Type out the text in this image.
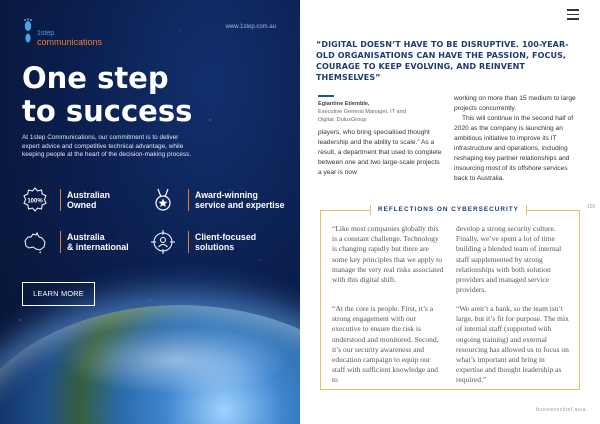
1step
communications
www.1step.com.au
One step
to success
At 1step Communications, our commitment is to deliver expert advice and competitive technical advantage, while keeping people at the heart of the decision-making process.
100%
Australian
Owned
Award-winning
service and expertise
Australia
& international
Client-focused
solutions
LEARN MORE
“DIGITAL DOESN’T HAVE TO BE DISRUPTIVE. 100-YEAR-OLD ORGANISATIONS CAN HAVE THE PASSION, FOCUS, COURAGE TO KEEP EVOLVING, AND REINVENT THEMSELVES”
Eglantine Etiemble,
Executive General Manager, IT and Digital, DuluxGroup
players, who bring specialised thought leadership and the ability to scale.” As a result, a department that used to complete between one and two large-scale projects a year is now
working on more than 15 medium to large projects concurrently.
This will continue in the second half of 2020 as the company is launching an ambitious initiative to improve its IT infrastructure and operations, including reshaping key partner relationships and insourcing most of its offshore services back to Australia.
101
REFLECTIONS ON CYBERSECURITY
“Like most companies globally this is a constant challenge. Technology is changing rapidly but there are some key principles that we apply to manage the very real risks associated with this digital shift.
develop a strong security culture. Finally, we’ve spent a lot of time building a blended team of internal staff supplemented by strong relationships with both solution providers and managed service providers.
“At the core is people. First, it’s a strong engagement with our executive to ensure the risk is understood and monitored. Second, it’s our security awareness and education campaign to equip our staff with sufficient knowledge and to
“We aren’t a bank, so the team isn’t large, but it’s fit for purpose. The mix of internal staff (supported with ongoing training) and external resourcing has allowed us to focus on what’s important and bring in expertise and thought leadership as required.”
businesschief.asia
